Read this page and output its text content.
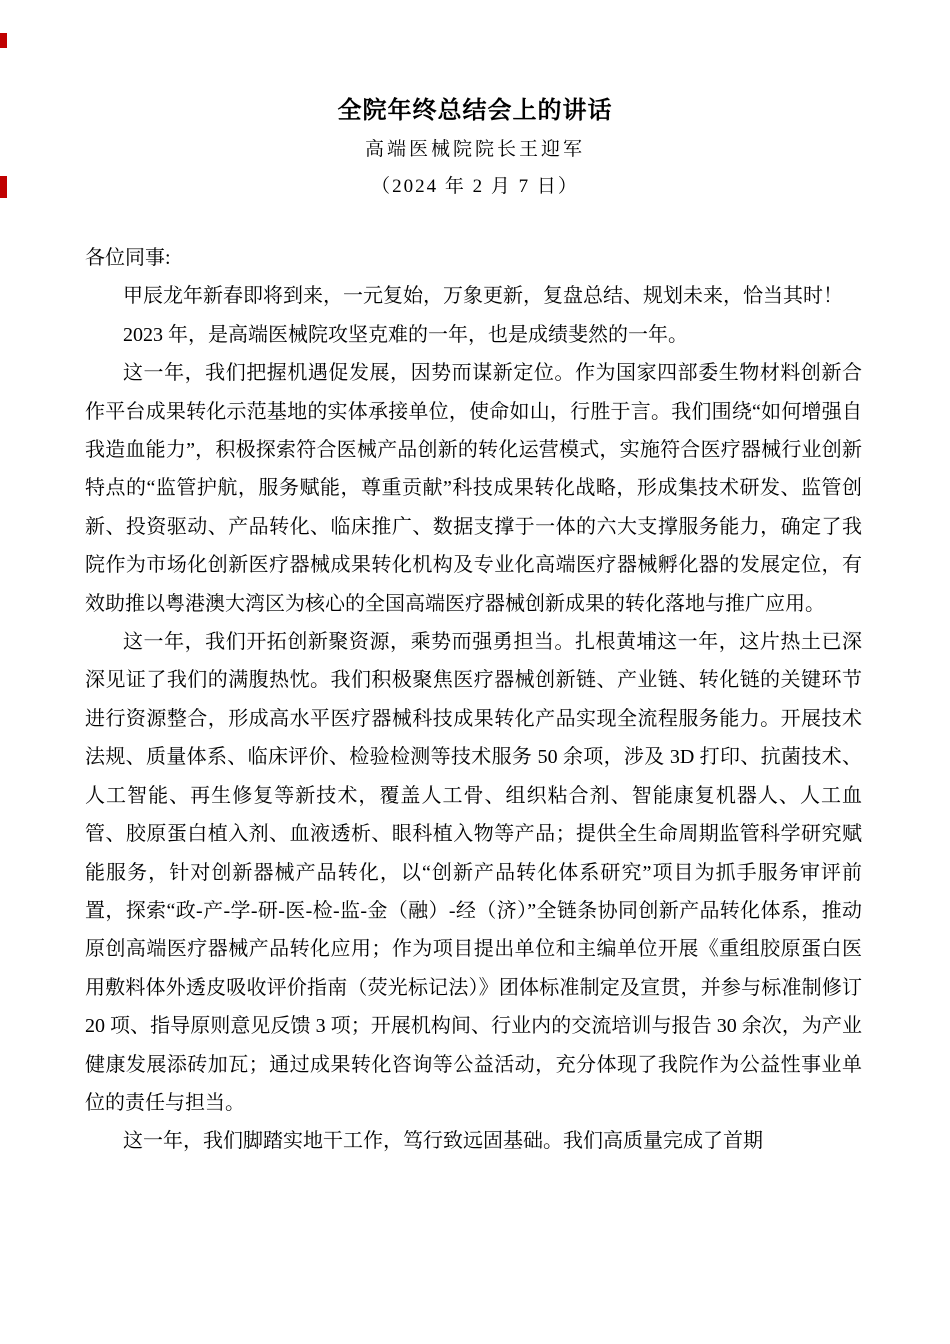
全院年终总结会上的讲话
高端医械院院长王迎军
（2024 年 2 月 7 日）

各位同事:

甲辰龙年新春即将到来，一元复始，万象更新，复盘总结、规划未来，恰当其时！

2023 年，是高端医械院攻坚克难的一年，也是成绩斐然的一年。

这一年，我们把握机遇促发展，因势而谋新定位。作为国家四部委生物材料创新合作平台成果转化示范基地的实体承接单位，使命如山，行胜于言。我们围绕“如何增强自我造血能力”，积极探索符合医械产品创新的转化运营模式，实施符合医疗器械行业创新特点的“监管护航，服务赋能，尊重贡献”科技成果转化战略，形成集技术研发、监管创新、投资驱动、产品转化、临床推广、数据支撑于一体的六大支撑服务能力，确定了我院作为市场化创新医疗器械成果转化机构及专业化高端医疗器械孵化器的发展定位，有效助推以粤港澳大湾区为核心的全国高端医疗器械创新成果的转化落地与推广应用。

这一年，我们开拓创新聚资源，乘势而强勇担当。扎根黄埔这一年，这片热土已深深见证了我们的满腹热忱。我们积极聚焦医疗器械创新链、产业链、转化链的关键环节进行资源整合，形成高水平医疗器械科技成果转化产品实现全流程服务能力。开展技术法规、质量体系、临床评价、检验检测等技术服务 50 余项，涉及 3D 打印、抗菌技术、人工智能、再生修复等新技术，覆盖人工骨、组织粘合剂、智能康复机器人、人工血管、胶原蛋白植入剂、血液透析、眼科植入物等产品；提供全生命周期监管科学研究赋能服务，针对创新器械产品转化，以“创新产品转化体系研究”项目为抓手服务审评前置，探索“政-产-学-研-医-检-监-金（融）-经（济）”全链条协同创新产品转化体系，推动原创高端医疗器械产品转化应用；作为项目提出单位和主编单位开展《重组胶原蛋白医用敷料体外透皮吸收评价指南（荧光标记法）》团体标准制定及宣贯，并参与标准制修订 20 项、指导原则意见反馈 3 项；开展机构间、行业内的交流培训与报告 30 余次，为产业健康发展添砖加瓦；通过成果转化咨询等公益活动，充分体现了我院作为公益性事业单位的责任与担当。

这一年，我们脚踏实地干工作，笃行致远固基础。我们高质量完成了首期
